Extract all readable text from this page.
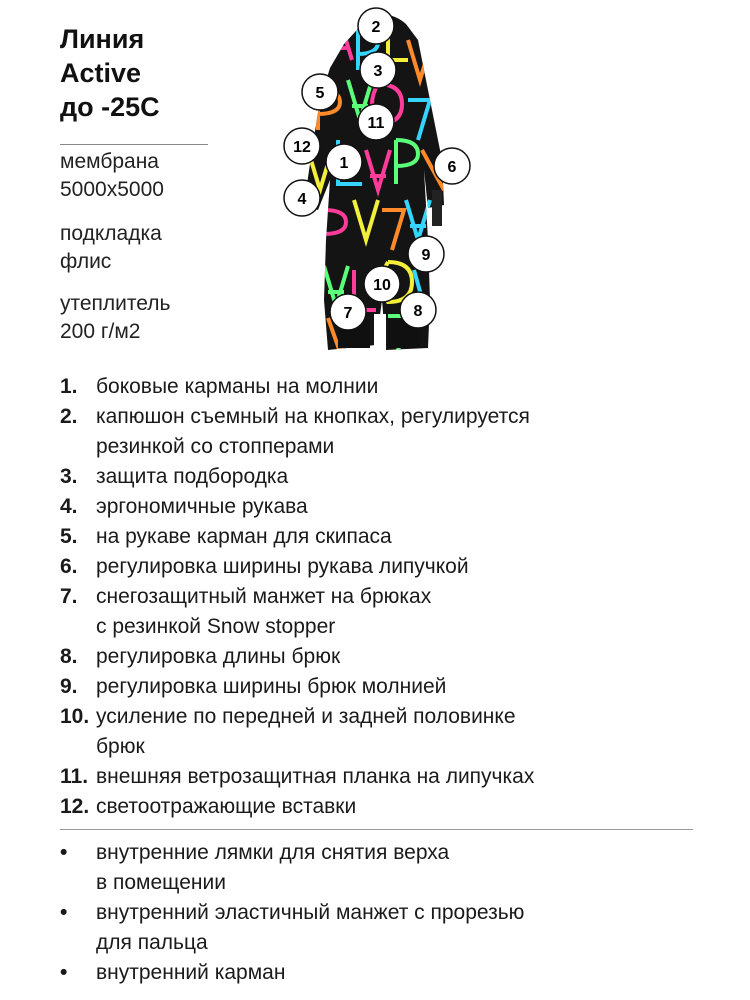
Линия
Active
до -25С
мембрана
5000х5000
подкладка
флис
утеплитель
200 г/м2
2
3
5
11
12
1	6
4
9
10
7	8
1. боковые карманы на молнии
2. капюшон съемный на кнопках, регулируется
резинкой со стопперами
3. защита подбородка
4. эргономичные рукава
5. на рукаве карман для скипаса
6. регулировка ширины рукава липучкой
7. снегозащитный манжет на брюках
с резинкой Snow stopper
8. регулировка длины брюк
9. регулировка ширины брюк молнией
10. усиление по передней и задней половинке
брюк
11. внешняя ветрозащитная планка на липучках
12. светоотражающие вставки
•	внутренние лямки для снятия верха
в помещении
•	внутренний эластичный манжет с прорезью
для пальца
•	внутренний карман
